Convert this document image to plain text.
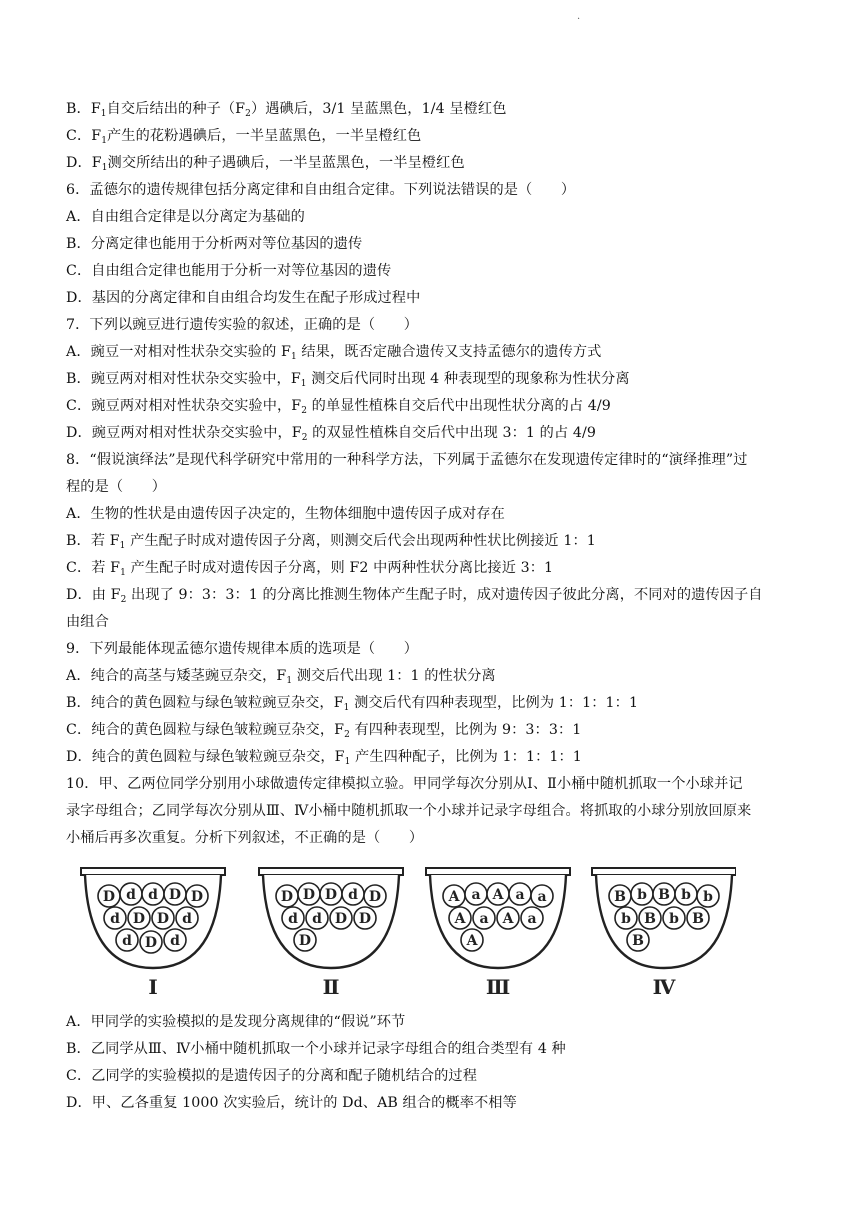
·
B．$F_1$自交后结出的种子$(F_2)$遇碘后，3/1 呈蓝黑色，1/4 呈橙红色
C．$F_1$产生的花粉遇碘后，一半呈蓝黑色，一半呈橙红色
D．$F_1$测交所结出的种子遇碘后，一半呈蓝黑色，一半呈橙红色
6．孟德尔的遗传规律包括分离定律和自由组合定律。下列说法错误的是（　　）
A．自由组合定律是以分离定为基础的
B．分离定律也能用于分析两对等位基因的遗传
C．自由组合定律也能用于分析一对等位基因的遗传
D．基因的分离定律和自由组合均发生在配子形成过程中
7．下列以豌豆进行遗传实验的叙述，正确的是（　　）
A．豌豆一对相对性状杂交实验的 $F_1$ 结果，既否定融合遗传又支持孟德尔的遗传方式
B．豌豆两对相对性状杂交实验中，$F_1$ 测交后代同时出现 4 种表现型的现象称为性状分离
C．豌豆两对相对性状杂交实验中，$F_2$ 的单显性植株自交后代中出现性状分离的占 4/9
D．豌豆两对相对性状杂交实验中，$F_2$ 的双显性植株自交后代中出现 3：1 的占 4/9
8．“假说演绎法”是现代科学研究中常用的一种科学方法，下列属于孟德尔在发现遗传定律时的“演绎推理”过
程的是（　　）
A．生物的性状是由遗传因子决定的，生物体细胞中遗传因子成对存在
B．若 $F_1$ 产生配子时成对遗传因子分离，则测交后代会出现两种性状比例接近 1：1
C．若 $F_1$ 产生配子时成对遗传因子分离，则 F2 中两种性状分离比接近 3：1
D．由 $F_2$ 出现了 9：3：3：1 的分离比推测生物体产生配子时，成对遗传因子彼此分离，不同对的遗传因子自
由组合
9．下列最能体现孟德尔遗传规律本质的选项是（　　）
A．纯合的高茎与矮茎豌豆杂交，$F_1$ 测交后代出现 1：1 的性状分离
B．纯合的黄色圆粒与绿色皱粒豌豆杂交，$F_1$ 测交后代有四种表现型，比例为 1：1：1：1
C．纯合的黄色圆粒与绿色皱粒豌豆杂交，$F_2$ 有四种表现型，比例为 9：3：3：1
D．纯合的黄色圆粒与绿色皱粒豌豆杂交，$F_1$ 产生四种配子，比例为 1：1：1：1
10．甲、乙两位同学分别用小球做遗传定律模拟立验。甲同学每次分别从Ⅰ、Ⅱ小桶中随机抓取一个小球并记
录字母组合；乙同学每次分别从Ⅲ、Ⅳ小桶中随机抓取一个小球并记录字母组合。将抓取的小球分别放回原来
小桶后再多次重复。分析下列叙述，不正确的是（　　）
D d d D D
d D D d
d D d
Ⅰ
D D D d D
d d D D
D
Ⅱ
A a A a a
A a A a
A
Ⅲ
B b B b b
b B b B
B
Ⅳ
A．甲同学的实验模拟的是发现分离规律的“假说”环节
B．乙同学从Ⅲ、Ⅳ小桶中随机抓取一个小球并记录字母组合的组合类型有 4 种
C．乙同学的实验模拟的是遗传因子的分离和配子随机结合的过程
D．甲、乙各重复 1000 次实验后，统计的 Dd、AB 组合的概率不相等
